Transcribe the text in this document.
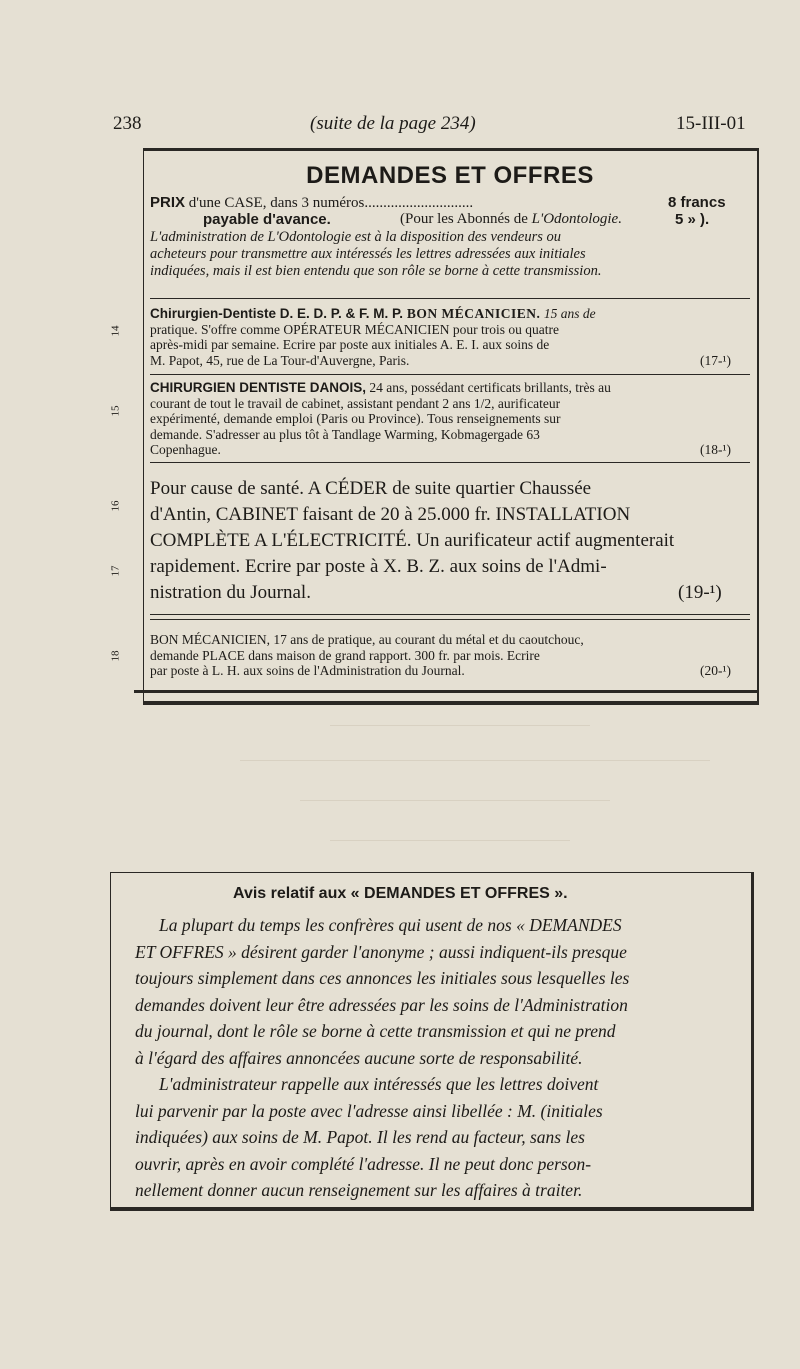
238	(suite de la page 234)	15-III-01
14
15
16
17
18
DEMANDES ET OFFRES
PRIX d'une CASE, dans 3 numéros.............................	8 francs
payable d'avance.	(Pour les Abonnés de L'Odontologie.	5 » ).
L'administration de L'Odontologie est à la disposition des vendeurs ou
acheteurs pour transmettre aux intéressés les lettres adressées aux initiales
indiquées, mais il est bien entendu que son rôle se borne à cette transmission.
Chirurgien-Dentiste D. E. D. P. & F. M. P. BON MÉCANICIEN. 15 ans de
pratique. S'offre comme OPÉRATEUR MÉCANICIEN pour trois ou quatre
après-midi par semaine. Ecrire par poste aux initiales A. E. I. aux soins de
M. Papot, 45, rue de La Tour-d'Auvergne, Paris.	(17-¹)
CHIRURGIEN DENTISTE DANOIS, 24 ans, possédant certificats brillants, très au
courant de tout le travail de cabinet, assistant pendant 2 ans 1/2, aurificateur
expérimenté, demande emploi (Paris ou Province). Tous renseignements sur
demande. S'adresser au plus tôt à Tandlage Warming, Kobmagergade 63
Copenhague.	(18-¹)
Pour cause de santé. A CÉDER de suite quartier Chaussée
d'Antin, CABINET faisant de 20 à 25.000 fr. INSTALLATION
COMPLÈTE A L'ÉLECTRICITÉ. Un aurificateur actif augmenterait
rapidement. Ecrire par poste à X. B. Z. aux soins de l'Admi-
nistration du Journal.	(19-¹)
BON MÉCANICIEN, 17 ans de pratique, au courant du métal et du caoutchouc,
demande PLACE dans maison de grand rapport. 300 fr. par mois. Ecrire
par poste à L. H. aux soins de l'Administration du Journal.	(20-¹)
Avis relatif aux « DEMANDES ET OFFRES ».
La plupart du temps les confrères qui usent de nos « DEMANDES
ET OFFRES » désirent garder l'anonyme ; aussi indiquent-ils presque
toujours simplement dans ces annonces les initiales sous lesquelles les
demandes doivent leur être adressées par les soins de l'Administration
du journal, dont le rôle se borne à cette transmission et qui ne prend
à l'égard des affaires annoncées aucune sorte de responsabilité.
L'administrateur rappelle aux intéressés que les lettres doivent
lui parvenir par la poste avec l'adresse ainsi libellée : M. (initiales
indiquées) aux soins de M. Papot. Il les rend au facteur, sans les
ouvrir, après en avoir complété l'adresse. Il ne peut donc person-
nellement donner aucun renseignement sur les affaires à traiter.
